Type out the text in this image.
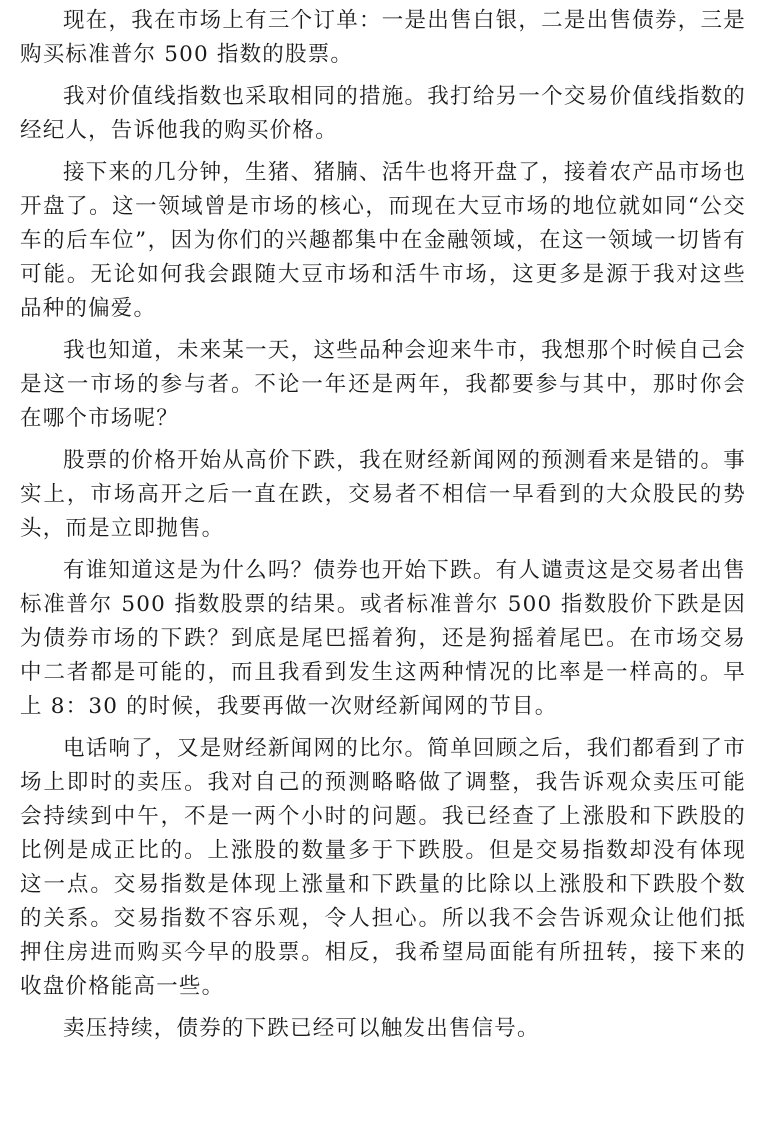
现在，我在市场上有三个订单：一是出售白银，二是出售债券，三是购买标准普尔 500 指数的股票。

我对价值线指数也采取相同的措施。我打给另一个交易价值线指数的经纪人，告诉他我的购买价格。

接下来的几分钟，生猪、猪腩、活牛也将开盘了，接着农产品市场也开盘了。这一领域曾是市场的核心，而现在大豆市场的地位就如同“公交车的后车位”，因为你们的兴趣都集中在金融领域，在这一领域一切皆有可能。无论如何我会跟随大豆市场和活牛市场，这更多是源于我对这些品种的偏爱。

我也知道，未来某一天，这些品种会迎来牛市，我想那个时候自己会是这一市场的参与者。不论一年还是两年，我都要参与其中，那时你会在哪个市场呢？

股票的价格开始从高价下跌，我在财经新闻网的预测看来是错的。事实上，市场高开之后一直在跌，交易者不相信一早看到的大众股民的势头，而是立即抛售。

有谁知道这是为什么吗？债券也开始下跌。有人谴责这是交易者出售标准普尔 500 指数股票的结果。或者标准普尔 500 指数股价下跌是因为债券市场的下跌？到底是尾巴摇着狗，还是狗摇着尾巴。在市场交易中二者都是可能的，而且我看到发生这两种情况的比率是一样高的。早上 8：30 的时候，我要再做一次财经新闻网的节目。

电话响了，又是财经新闻网的比尔。简单回顾之后，我们都看到了市场上即时的卖压。我对自己的预测略略做了调整，我告诉观众卖压可能会持续到中午，不是一两个小时的问题。我已经查了上涨股和下跌股的比例是成正比的。上涨股的数量多于下跌股。但是交易指数却没有体现这一点。交易指数是体现上涨量和下跌量的比除以上涨股和下跌股个数的关系。交易指数不容乐观，令人担心。所以我不会告诉观众让他们抵押住房进而购买今早的股票。相反，我希望局面能有所扭转，接下来的收盘价格能高一些。

卖压持续，债券的下跌已经可以触发出售信号。
